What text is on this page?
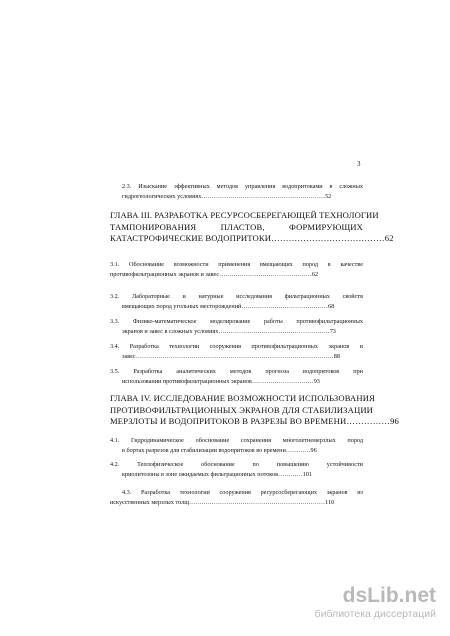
3
2.3. Изыскание эффективных методов управления водопритоками в сложных
гидрогеологических условиях……………………………………………………52
ГЛАВА III. РАЗРАБОТКА РЕСУРСОСБЕРЕГАЮЩЕЙ ТЕХНОЛОГИИ
ТАМПОНИРОВАНИЯ ПЛАСТОВ, ФОРМИРУЮЩИХ
КАТАСТРОФИЧЕСКИЕ ВОДОПРИТОКИ…………………………………62
3.1. Обоснование возможности применения вмещающих пород в качестве
противофильтрационных экранов и завес………………………………………62
3.2. Лабораторные и натурные исследования фильтрационных свойств
вмещающих пород угольных месторождений……………………………………68
3.3. Физико-математическое моделирование работы противофильтрационных
экранов и завес в сложных условиях………………………………………………73
3.4. Разработка технологии сооружения противофильтрационных экранов и
завес……………………………………………………………………………………88
3.5. Разработка аналитических методов прогноза водопритоков при
использовании противофильтрационных экранов…………………………93
ГЛАВА IV. ИССЛЕДОВАНИЕ ВОЗМОЖНОСТИ ИСПОЛЬЗОВАНИЯ
ПРОТИВОФИЛЬТРАЦИОННЫХ ЭКРАНОВ ДЛЯ СТАБИЛИЗАЦИИ
МЕРЗЛОТЫ И ВОДОПРИТОКОВ В РАЗРЕЗЫ ВО ВРЕМЕНИ……………96
4.1. Гидродинамическое обоснование сохранения многолетнемерзлых пород
в бортах разрезов для стабилизации водопритоков во времени…………96
4.2. Теплофизическое обоснование по повышению устойчивости
криолитозоны в зоне ожидаемых фильтрационных потоков…………101
4.3. Разработка технологии сооружения ресурсосберегающих экранов из
искусственных мерзлых толщ…………………………………………………………110
dsLib.net
библиотека диссертаций
